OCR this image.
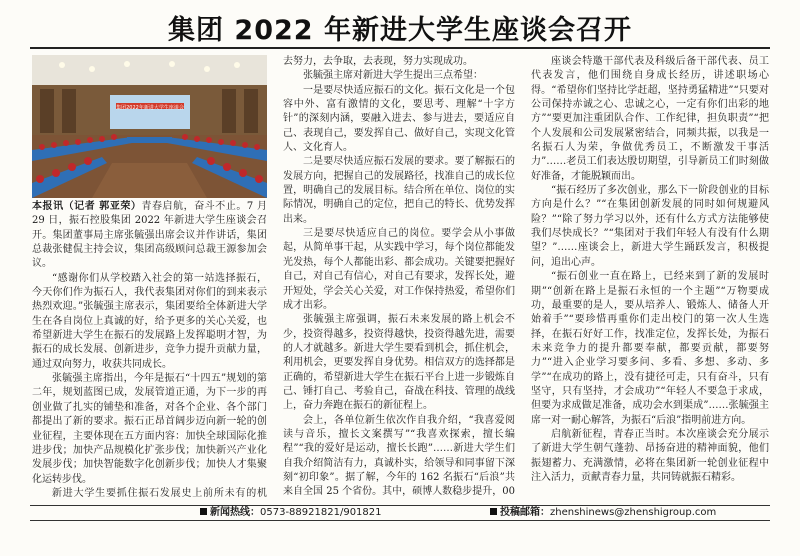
集团 2022 年新进大学生座谈会召开
集团2022年新进大学生座谈会

本报讯（记者 郭亚荣）青春启航，奋斗不止。7 月 29 日，振石控股集团 2022 年新进大学生座谈会召开。集团董事局主席张毓强出席会议并作讲话，集团总裁张健侃主持会议，集团高级顾问总裁王源参加会议。

“感谢你们从学校踏入社会的第一站选择振石，今天你们作为振石人，我代表集团对你们的到来表示热烈欢迎。”张毓强主席表示，集团要给全体新进大学生在各自岗位上真诚的好，给予更多的关心关爱，也希望新进大学生在振石的发展路上发挥聪明才智，为振石的成长发展、创新进步，竞争力提升贡献力量，通过双向努力，收获共同成长。

张毓强主席指出，今年是振石“十四五”规划的第二年，规划蓝图已成，发展管道正通，为下一步的再创业做了扎实的铺垫和准备，对各个企业、各个部门都提出了新的要求。振石正昂首阔步迈向新一轮的创业征程，主要体现在五方面内容：加快全球国际化推进步伐；加快产品规模化扩张步伐；加快新兴产业化发展步伐；加快智能数字化创新步伐；加快人才集聚化运转步伐。

新进大学生要抓住振石发展史上前所未有的机

去努力，去争取，去表现，努力实现成功。

张毓强主席对新进大学生提出三点希望：

一是要尽快适应振石的文化。振石文化是一个包容中外、富有激情的文化，要思考、理解“十字方针”的深刻内涵，要融入进去、参与进去，要适应自己、表现自己，要发挥自己、做好自己，实现文化管人、文化育人。

二是要尽快适应振石发展的要求。要了解振石的发展方向，把握自己的发展路径，找准自己的成长位置，明确自己的发展目标。结合所在单位、岗位的实际情况，明确自己的定位，把自己的特长、优势发挥出来。

三是要尽快适应自己的岗位。要学会从小事做起，从简单事干起，从实践中学习，每个岗位都能发光发热，每个人都能出彩、都会成功。关键要把握好自己，对自己有信心，对自己有要求，发挥长处，避开短处，学会关心关爱，对工作保持热爱，希望你们成才出彩。

张毓强主席强调，振石未来发展的路上机会不少，投资得越多，投资得越快，投资得越先进，需要的人才就越多。新进大学生要看到机会，抓住机会，利用机会，更要发挥自身优势。相信双方的选择都是正确的，希望新进大学生在振石平台上进一步锻炼自己、锤打自己、考验自己，奋战在科技、管理的战线上，奋力奔跑在振石的新征程上。

会上，各单位新生依次作自我介绍，“我喜爱阅读与音乐，擅长文案撰写”“我喜欢探索，擅长编程”“我的爱好是运动，擅长长跑”……新进大学生们自我介绍简洁有力，真诚朴实，给领导和同事留下深刻“初印象”。据了解，今年的 162 名振石“后浪”共来自全国 25 个省份。其中，硕博人数稳步提升，00

座谈会特邀干部代表及科级后备干部代表、员工代表发言，他们围绕自身成长经历，讲述职场心得。“希望你们坚持比学赶超，坚持勇猛精进”“只要对公司保持赤诚之心、忠诚之心，一定有你们出彩的地方”“要更加注重团队合作、工作纪律，担负职责”“把个人发展和公司发展紧密结合，同频共振，以我是一名振石人为荣，争做优秀员工，不断激发干事活力”……老员工们表达殷切期望，引导新员工们时刻做好准备，才能脱颖而出。

“振石经历了多次创业，那么下一阶段创业的目标方向是什么？”“在集团创新发展的同时如何规避风险？”“除了努力学习以外，还有什么方式方法能够使我们尽快成长？”“集团对于我们年轻人有没有什么期望？”……座谈会上，新进大学生踊跃发言，积极提问，追出心声。

“振石创业一直在路上，已经来到了新的发展时期”“创新在路上是振石永恒的一个主题”“万物要成功，最重要的是人，要从培养人、锻炼人、储备人开始着手”“要珍惜再重你们走出校门的第一次人生选择，在振石好好工作，找准定位，发挥长处，为振石未来竞争力的提升都要奉献，都要贡献，都要努力”“进入企业学习要多问、多看、多想、多动、多学”“在成功的路上，没有捷径可走，只有奋斗，只有坚守，只有坚持，才会成功”“年轻人不要急于求成，但要为求成做足准备，成功会水到渠成”……张毓强主席一对一耐心解答，为振石“后浪”指明前进方向。

启航新征程，青春正当时。本次座谈会充分展示了新进大学生朝气蓬勃、昂扬奋进的精神面貌，他们振翅蓄力、充满激情，必将在集团新一轮创业征程中注入活力，贡献青春力量，共同铸就振石精彩。

新闻热线：0573-88921821/901821	投稿邮箱：zhenshinews@zhenshigroup.com
